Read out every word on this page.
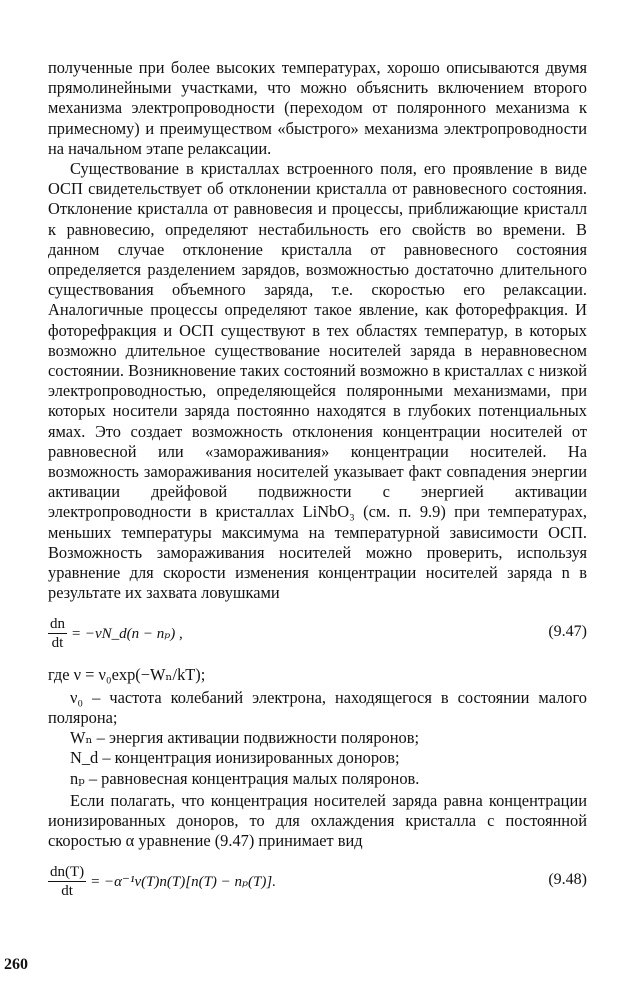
полученные при более высоких температурах, хорошо описываются двумя прямолинейными участками, что можно объяснить включением второго механизма электропроводности (переходом от поляронного механизма к примесному) и преимуществом «быстрого» механизма электропроводности на начальном этапе релаксации.

Существование в кристаллах встроенного поля, его проявление в виде ОСП свидетельствует об отклонении кристалла от равновесного состояния. Отклонение кристалла от равновесия и процессы, приближающие кристалл к равновесию, определяют нестабильность его свойств во времени. В данном случае отклонение кристалла от равновесного состояния определяется разделением зарядов, возможностью достаточно длительного существования объемного заряда, т.е. скоростью его релаксации. Аналогичные процессы определяют такое явление, как фоторефракция. И фоторефракция и ОСП существуют в тех областях температур, в которых возможно длительное существование носителей заряда в неравновесном состоянии. Возникновение таких состояний возможно в кристаллах с низкой электропроводностью, определяющейся поляронными механизмами, при которых носители заряда постоянно находятся в глубоких потенциальных ямах. Это создает возможность отклонения концентрации носителей от равновесной или «замораживания» концентрации носителей. На возможность замораживания носителей указывает факт совпадения энергии активации дрейфовой подвижности с энергией активации электропроводности в кристаллах LiNbO₃ (см. п. 9.9) при температурах, меньших температуры максимума на температурной зависимости ОСП. Возможность замораживания носителей можно проверить, используя уравнение для скорости изменения концентрации носителей заряда n в результате их захвата ловушками

$\frac{dn}{dt}$ = −νN_d(n − nₚ) ,	(9.47)

где ν = ν₀exp(−Wₙ/kT);

ν₀ – частота колебаний электрона, находящегося в состоянии малого полярона;

Wₙ – энергия активации подвижности поляронов;

N_d – концентрация ионизированных доноров;

nₚ – равновесная концентрация малых поляронов.

Если полагать, что концентрация носителей заряда равна концентрации ионизированных доноров, то для охлаждения кристалла с постоянной скоростью α уравнение (9.47) принимает вид

$\frac{dn(T)}{dt} = -\alpha^{-1}\nu(T)n(T)[n(T) - n_p(T)]$.	(9.48)
260
